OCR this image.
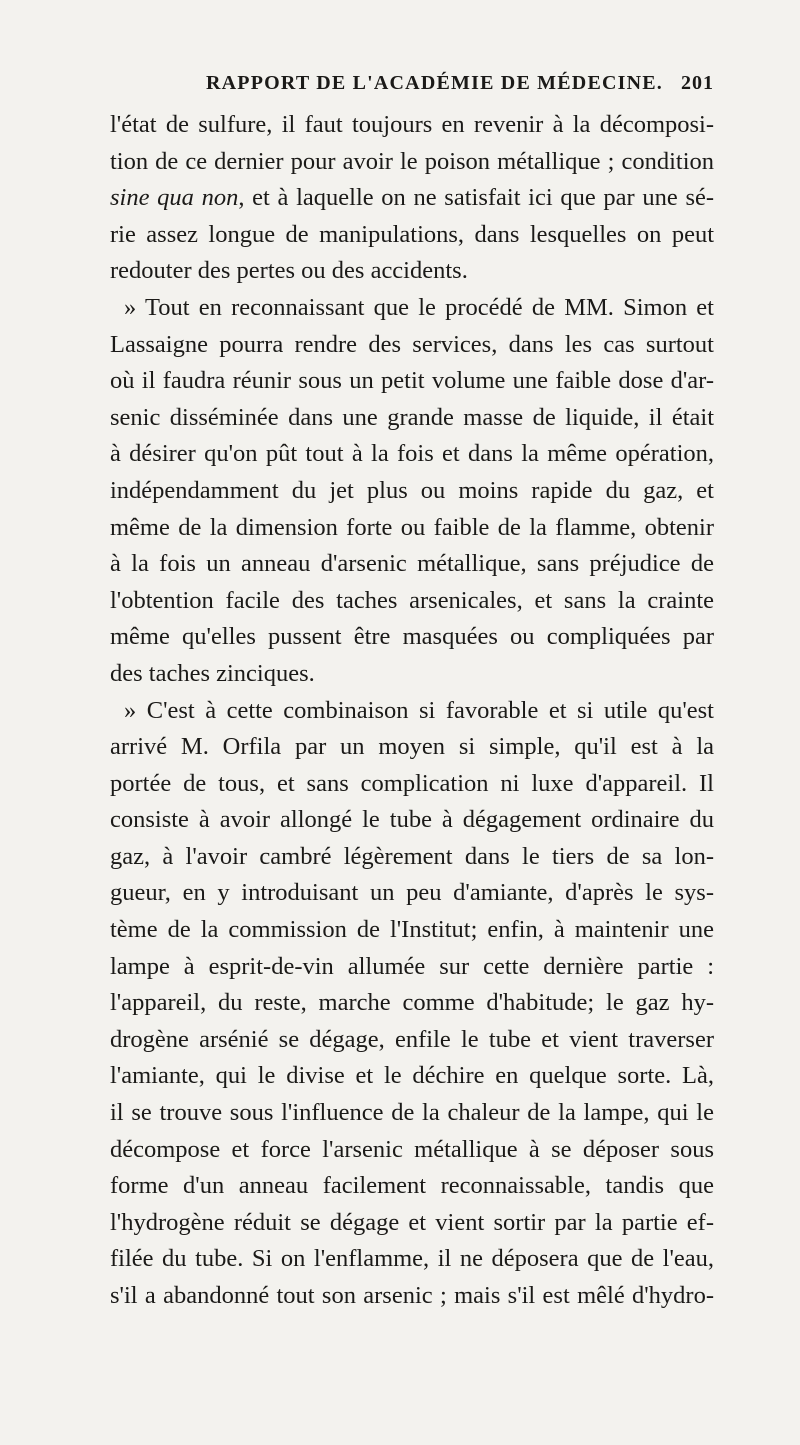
RAPPORT DE L'ACADÉMIE DE MÉDECINE. 201
l'état de sulfure, il faut toujours en revenir à la décomposi-
tion de ce dernier pour avoir le poison métallique ; condition
sine qua non, et à laquelle on ne satisfait ici que par une sé-
rie assez longue de manipulations, dans lesquelles on peut
redouter des pertes ou des accidents.
» Tout en reconnaissant que le procédé de MM. Simon et
Lassaigne pourra rendre des services, dans les cas surtout
où il faudra réunir sous un petit volume une faible dose d'ar-
senic disséminée dans une grande masse de liquide, il était
à désirer qu'on pût tout à la fois et dans la même opération,
indépendamment du jet plus ou moins rapide du gaz, et
même de la dimension forte ou faible de la flamme, obtenir
à la fois un anneau d'arsenic métallique, sans préjudice de
l'obtention facile des taches arsenicales, et sans la crainte
même qu'elles pussent être masquées ou compliquées par
des taches zinciques.
» C'est à cette combinaison si favorable et si utile qu'est
arrivé M. Orfila par un moyen si simple, qu'il est à la
portée de tous, et sans complication ni luxe d'appareil. Il
consiste à avoir allongé le tube à dégagement ordinaire du
gaz, à l'avoir cambré légèrement dans le tiers de sa lon-
gueur, en y introduisant un peu d'amiante, d'après le sys-
tème de la commission de l'Institut; enfin, à maintenir une
lampe à esprit-de-vin allumée sur cette dernière partie :
l'appareil, du reste, marche comme d'habitude; le gaz hy-
drogène arsénié se dégage, enfile le tube et vient traverser
l'amiante, qui le divise et le déchire en quelque sorte. Là,
il se trouve sous l'influence de la chaleur de la lampe, qui le
décompose et force l'arsenic métallique à se déposer sous
forme d'un anneau facilement reconnaissable, tandis que
l'hydrogène réduit se dégage et vient sortir par la partie ef-
filée du tube. Si on l'enflamme, il ne déposera que de l'eau,
s'il a abandonné tout son arsenic ; mais s'il est mêlé d'hydro-
